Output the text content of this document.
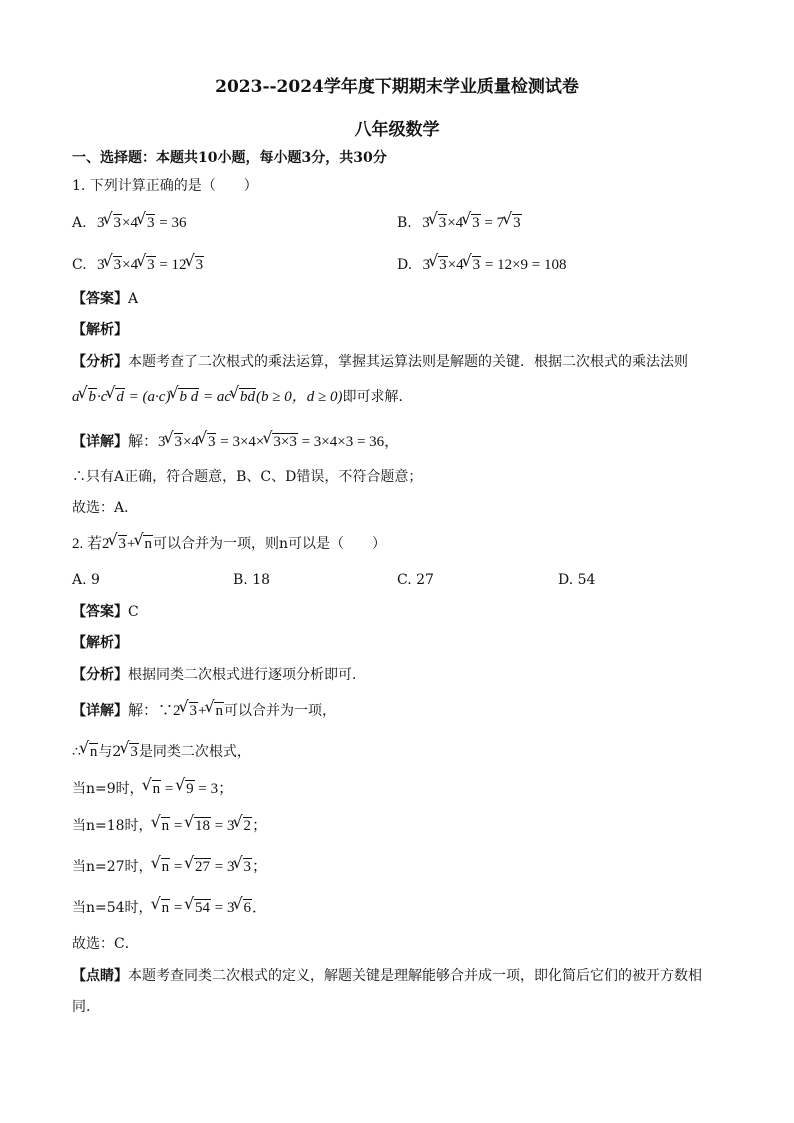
2023--2024学年度下期期末学业质量检测试卷
八年级数学
一、选择题：本题共10小题，每小题3分，共30分
1. 下列计算正确的是（　　）
A. 3 √ 3×4 √ 3 = 36	B. 3 √ 3×4 √ 3 = 7 √ 3
C. 3 √ 3×4 √ 3 = 12 √ 3	D. 3 √ 3×4 √ 3 = 12×9 = 108
【答案】A
【解析】
【分析】本题考查了二次根式的乘法运算，掌握其运算法则是解题的关键．根据二次根式的乘法法则
a √ b·c √ d = (a·c) √ b d = ac √ bd(b ≥ 0，d ≥ 0)即可求解．
【详解】解：3 √ 3×4 √ 3 = 3×4× √ 3×3 = 3×4×3 = 36，
∴只有A正确，符合题意，B、C、D错误，不符合题意；
故选：A．
2. 若2 √ 3+ √ n可以合并为一项，则n可以是（　　）
A. 9	B. 18	C. 27	D. 54
【答案】C
【解析】
【分析】根据同类二次根式进行逐项分析即可．
【详解】解：∵2 √ 3+ √ n可以合并为一项，
∴ √ n与2 √ 3是同类二次根式，
当n=9时， √ n = √ 9 = 3；
当n=18时， √ n = √ 18 = 3 √ 2；
当n=27时， √ n = √ 27 = 3 √ 3；
当n=54时， √ n = √ 54 = 3 √ 6．
故选：C．
【点睛】本题考查同类二次根式的定义，解题关键是理解能够合并成一项，即化简后它们的被开方数相
同.
